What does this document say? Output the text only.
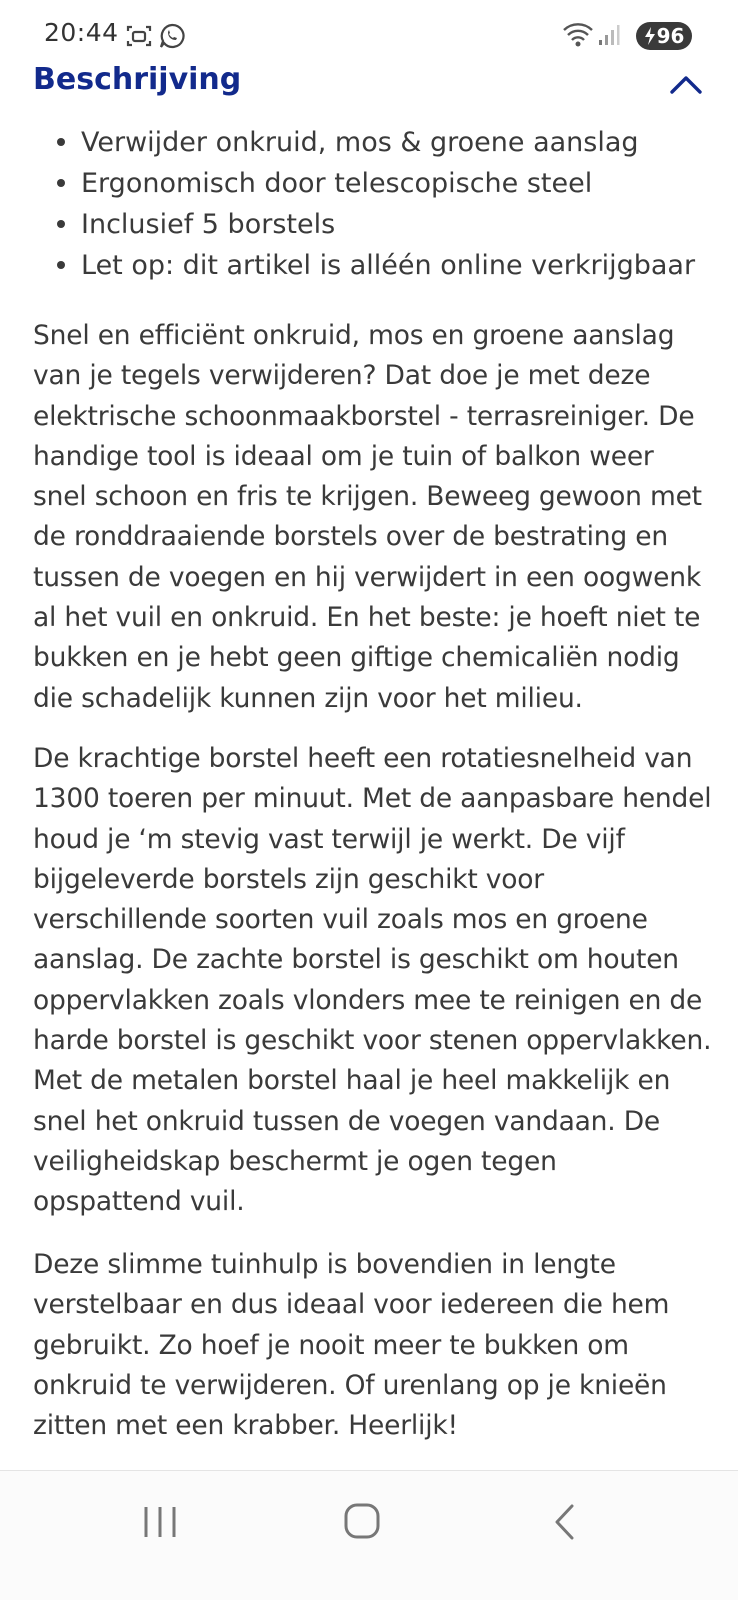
20:44	96
Beschrijving
Verwijder onkruid, mos & groene aanslag
Ergonomisch door telescopische steel
Inclusief 5 borstels
Let op: dit artikel is alléén online verkrijgbaar

Snel en efficiënt onkruid, mos en groene aanslag van je tegels verwijderen? Dat doe je met deze elektrische schoonmaakborstel - terrasreiniger. De handige tool is ideaal om je tuin of balkon weer snel schoon en fris te krijgen. Beweeg gewoon met de ronddraaiende borstels over de bestrating en tussen de voegen en hij verwijdert in een oogwenk al het vuil en onkruid. En het beste: je hoeft niet te bukken en je hebt geen giftige chemicaliën nodig die schadelijk kunnen zijn voor het milieu.

De krachtige borstel heeft een rotatiesnelheid van 1300 toeren per minuut. Met de aanpasbare hendel houd je ‘m stevig vast terwijl je werkt. De vijf bijgeleverde borstels zijn geschikt voor verschillende soorten vuil zoals mos en groene aanslag. De zachte borstel is geschikt om houten oppervlakken zoals vlonders mee te reinigen en de harde borstel is geschikt voor stenen oppervlakken. Met de metalen borstel haal je heel makkelijk en snel het onkruid tussen de voegen vandaan. De veiligheidskap beschermt je ogen tegen opspattend vuil.

Deze slimme tuinhulp is bovendien in lengte verstelbaar en dus ideaal voor iedereen die hem gebruikt. Zo hoef je nooit meer te bukken om onkruid te verwijderen. Of urenlang op je knieën zitten met een krabber. Heerlijk!
